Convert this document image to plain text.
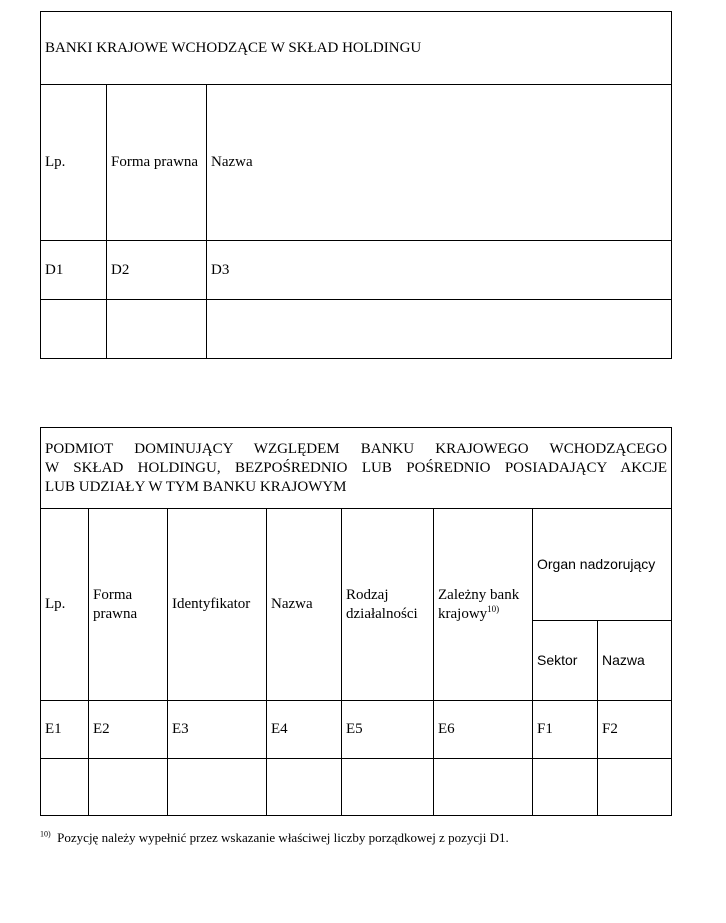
BANKI KRAJOWE WCHODZĄCE W SKŁAD HOLDINGU		
Lp.	Forma prawna	Nazwa
D1	D2	D3

PODMIOT DOMINUJĄCY WZGLĘDEM BANKU KRAJOWEGO WCHODZĄCEGO
W SKŁAD HOLDINGU, BEZPOŚREDNIO LUB POŚREDNIO POSIADAJĄCY AKCJE
LUB UDZIAŁY W TYM BANKU KRAJOWYM							

Lp.	Forma prawna	Identyfikator	Nazwa	Rodzaj działalności	Zależny bank krajowy$^{10)}$	Organ nadzorujący	
						Sektor	Nazwa
E1	E2	E3	E4	E5	E6	F1	F2

$^{10)}$ Pozycję należy wypełnić przez wskazanie właściwej liczby porządkowej z pozycji D1.
